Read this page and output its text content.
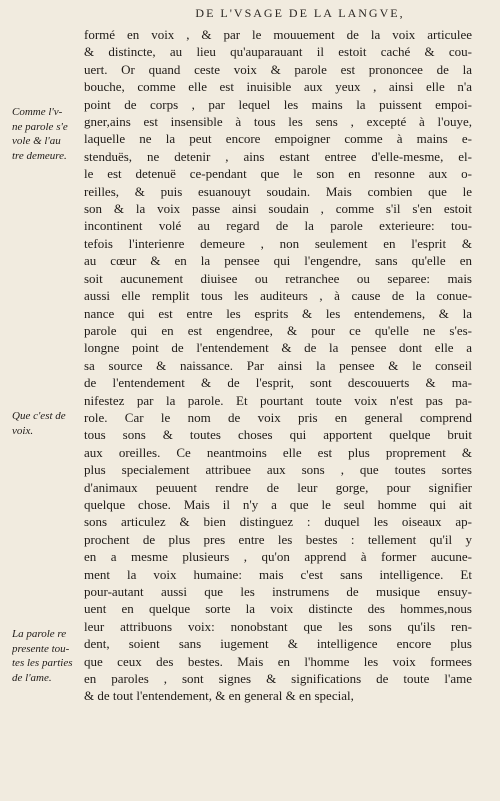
DE L'VSAGE DE LA LANGVE,
formé en voix , & par le mouuement de la voix articulee
& distincte, au lieu qu'auparauant il estoit caché & cou-
uert. Or quand ceste voix & parole est prononcee de la
bouche, comme elle est inuisible aux yeux , ainsi elle n'a
point de corps , par lequel les mains la puissent empoi-
gner,ains est insensible à tous les sens , excepté à l'ouye,
laquelle ne la peut encore empoigner comme à mains e-
stenduës, ne detenir , ains estant entree d'elle-mesme, el-
le est detenuë ce-pendant que le son en resonne aux o-
reilles, & puis esuanouyt soudain. Mais combien que le
son & la voix passe ainsi soudain , comme s'il s'en estoit
incontinent volé au regard de la parole exterieure: tou-
tefois l'interienre demeure , non seulement en l'esprit &
au cœur & en la pensee qui l'engendre, sans qu'elle en
soit aucunement diuisee ou retranchee ou separee: mais
aussi elle remplit tous les auditeurs , à cause de la conue-
nance qui est entre les esprits & les entendemens, & la
parole qui en est engendree, & pour ce qu'elle ne s'es-
longne point de l'entendement & de la pensee dont elle a
sa source & naissance. Par ainsi la pensee & le conseil
de l'entendement & de l'esprit, sont descouuerts & ma-
nifestez par la parole. Et pourtant toute voix n'est pas pa-
role. Car le nom de voix pris en general comprend
tous sons & toutes choses qui apportent quelque bruit
aux oreilles. Ce neantmoins elle est plus proprement &
plus specialement attribuee aux sons , que toutes sortes
d'animaux peuuent rendre de leur gorge, pour signifier
quelque chose. Mais il n'y a que le seul homme qui ait
sons articulez & bien distinguez : duquel les oiseaux ap-
prochent de plus pres entre les bestes : tellement qu'il y
en a mesme plusieurs , qu'on apprend à former aucune-
ment la voix humaine: mais c'est sans intelligence. Et
pour-autant aussi que les instrumens de musique ensuy-
uent en quelque sorte la voix distincte des hommes,nous
leur attribuons voix: nonobstant que les sons qu'ils ren-
dent, soient sans iugement & intelligence encore plus
que ceux des bestes. Mais en l'homme les voix formees
en paroles , sont signes & significations de toute l'ame
& de tout l'entendement, & en general & en special,
Comme l'v-
ne parole s'e
vole & l'au
tre demeure.
Que c'est de
voix.
La parole re
presente tou-
tes les parties
de l'ame.
